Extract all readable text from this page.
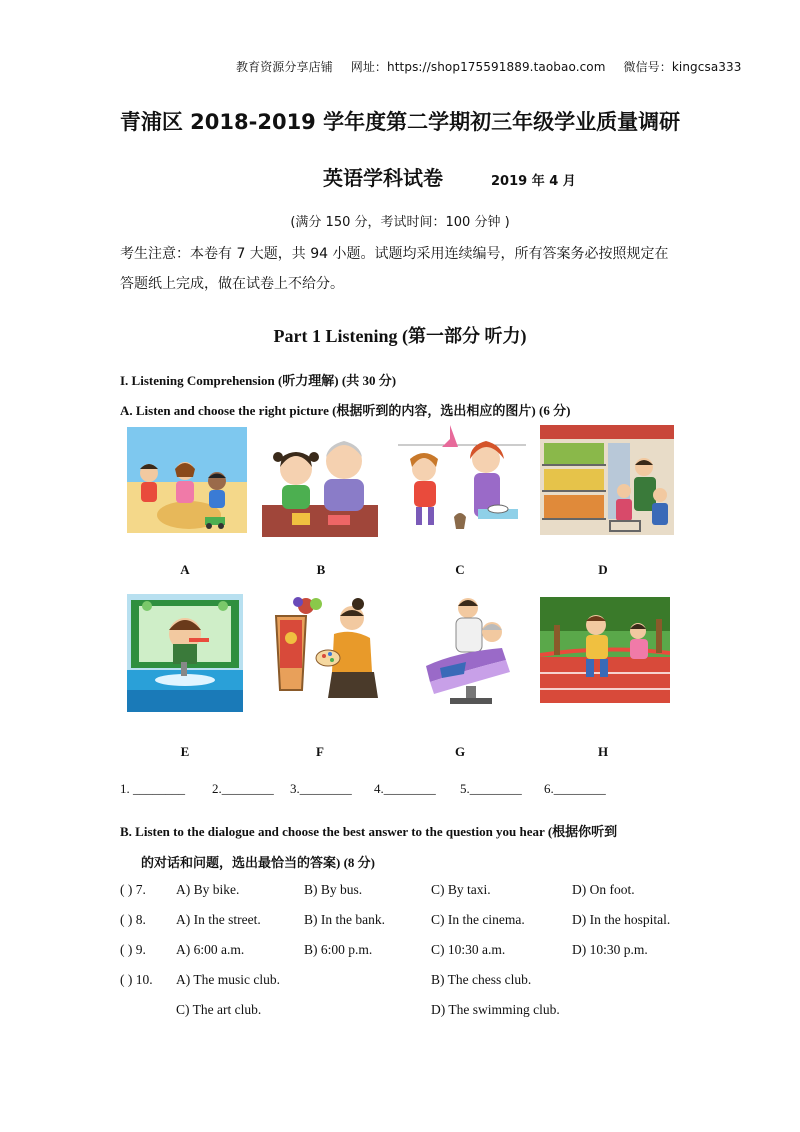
教育资源分享店铺 网址：https://shop175591889.taobao.com 微信号：kingcsa333
青浦区 2018-2019 学年度第二学期初三年级学业质量调研
英语学科试卷	2019 年 4 月
(满分 150 分，考试时间：100 分钟 )
考生注意：本卷有 7 大题，共 94 小题。试题均采用连续编号，所有答案务必按照规定在答题纸上完成，做在试卷上不给分。
Part 1 Listening (第一部分 听力)
I. Listening Comprehension (听力理解) (共 30 分)
A. Listen and choose the right picture (根据听到的内容，选出相应的图片) (6 分)
A	B	C	D
E	F	G	H
1. ________ 2.________ 3.________ 4.________ 5.________ 6.________
B. Listen to the dialogue and choose the best answer to the question you hear (根据你听到
的对话和问题，选出最恰当的答案) (8 分)
( ) 7. A) By bike.	B) By bus.	C) By taxi.	D) On foot.
( ) 8. A) In the street.	B) In the bank.	C) In the cinema.	D) In the hospital.
( ) 9. A) 6:00 a.m.	B) 6:00 p.m.	C) 10:30 a.m.	D) 10:30 p.m.
( ) 10. A) The music club.	B) The chess club.
C) The art club.	D) The swimming club.
